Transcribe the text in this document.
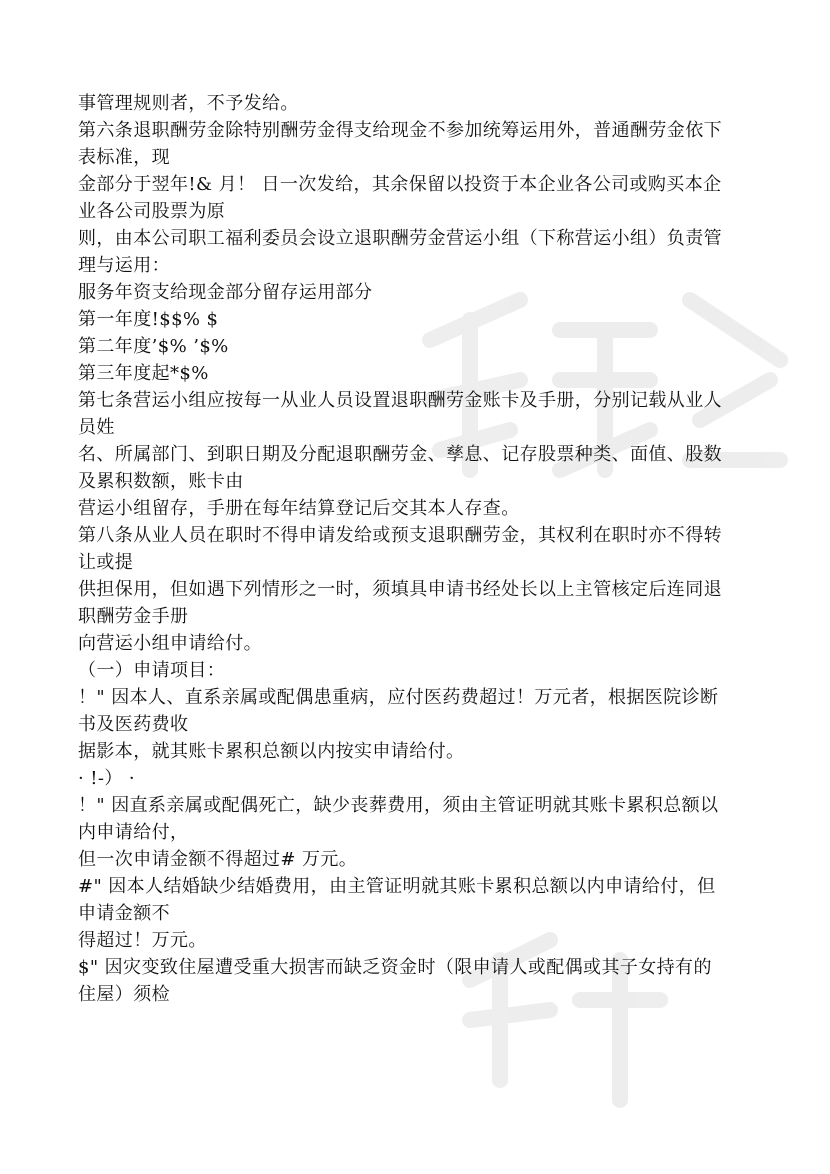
事管理规则者，不予发给。
第六条退职酬劳金除特别酬劳金得支给现金不参加统筹运用外，普通酬劳金依下
表标准，现
金部分于翌年!& 月！ 日一次发给，其余保留以投资于本企业各公司或购买本企
业各公司股票为原
则，由本公司职工福利委员会设立退职酬劳金营运小组（下称营运小组）负责管
理与运用：
服务年资支给现金部分留存运用部分
第一年度!$$% $
第二年度’$% ’$%
第三年度起*$%
第七条营运小组应按每一从业人员设置退职酬劳金账卡及手册，分别记载从业人
员姓
名、所属部门、到职日期及分配退职酬劳金、孳息、记存股票种类、面值、股数
及累积数额，账卡由
营运小组留存，手册在每年结算登记后交其本人存查。
第八条从业人员在职时不得申请发给或预支退职酬劳金，其权利在职时亦不得转
让或提
供担保用，但如遇下列情形之一时，须填具申请书经处长以上主管核定后连同退
职酬劳金手册
向营运小组申请给付。
（一）申请项目：
！" 因本人、直系亲属或配偶患重病，应付医药费超过！万元者，根据医院诊断
书及医药费收
据影本，就其账卡累积总额以内按实申请给付。
· !-） ·
！" 因直系亲属或配偶死亡，缺少丧葬费用，须由主管证明就其账卡累积总额以
内申请给付，
但一次申请金额不得超过# 万元。
#" 因本人结婚缺少结婚费用，由主管证明就其账卡累积总额以内申请给付，但
申请金额不
得超过！万元。
$" 因灾变致住屋遭受重大损害而缺乏资金时（限申请人或配偶或其子女持有的
住屋）须检
